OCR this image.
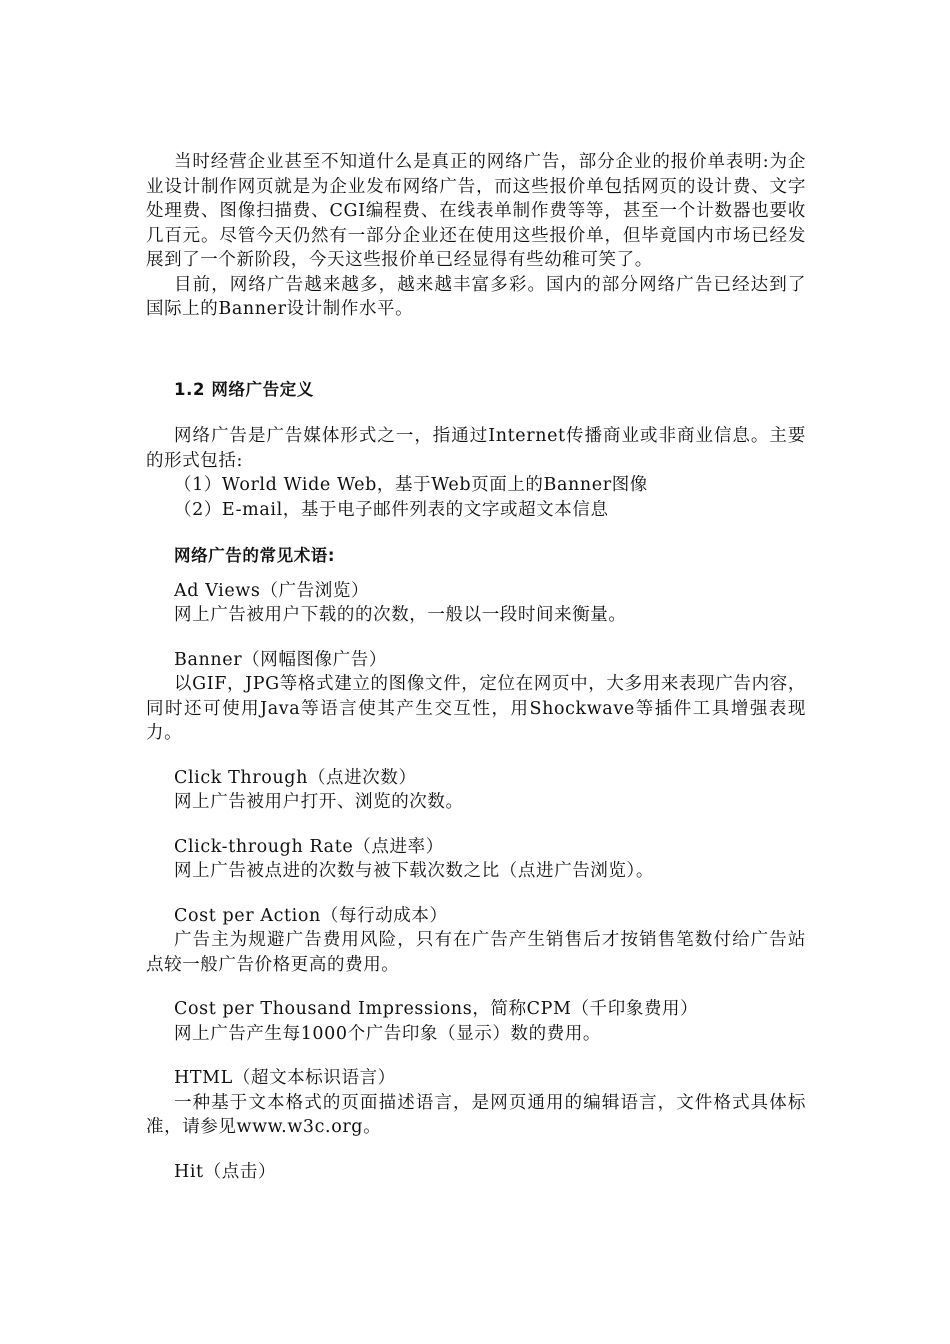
当时经营企业甚至不知道什么是真正的网络广告，部分企业的报价单表明:为企业设计制作网页就是为企业发布网络广告，而这些报价单包括网页的设计费、文字处理费、图像扫描费、CGI编程费、在线表单制作费等等，甚至一个计数器也要收几百元。尽管今天仍然有一部分企业还在使用这些报价单，但毕竟国内市场已经发展到了一个新阶段，今天这些报价单已经显得有些幼稚可笑了。

目前，网络广告越来越多，越来越丰富多彩。国内的部分网络广告已经达到了国际上的Banner设计制作水平。

1.2 网络广告定义

网络广告是广告媒体形式之一，指通过Internet传播商业或非商业信息。主要的形式包括:

（1）World Wide Web，基于Web页面上的Banner图像

（2）E-mail，基于电子邮件列表的文字或超文本信息

网络广告的常见术语:

Ad Views（广告浏览）

网上广告被用户下载的的次数，一般以一段时间来衡量。

Banner（网幅图像广告）

以GIF，JPG等格式建立的图像文件，定位在网页中，大多用来表现广告内容，同时还可使用Java等语言使其产生交互性，用Shockwave等插件工具增强表现力。

Click Through（点进次数）

网上广告被用户打开、浏览的次数。

Click-through Rate（点进率）

网上广告被点进的次数与被下载次数之比（点进广告浏览）。

Cost per Action（每行动成本）

广告主为规避广告费用风险，只有在广告产生销售后才按销售笔数付给广告站点较一般广告价格更高的费用。

Cost per Thousand Impressions，简称CPM（千印象费用）

网上广告产生每1000个广告印象（显示）数的费用。

HTML（超文本标识语言）

一种基于文本格式的页面描述语言，是网页通用的编辑语言，文件格式具体标准，请参见www.w3c.org。

Hit（点击）
